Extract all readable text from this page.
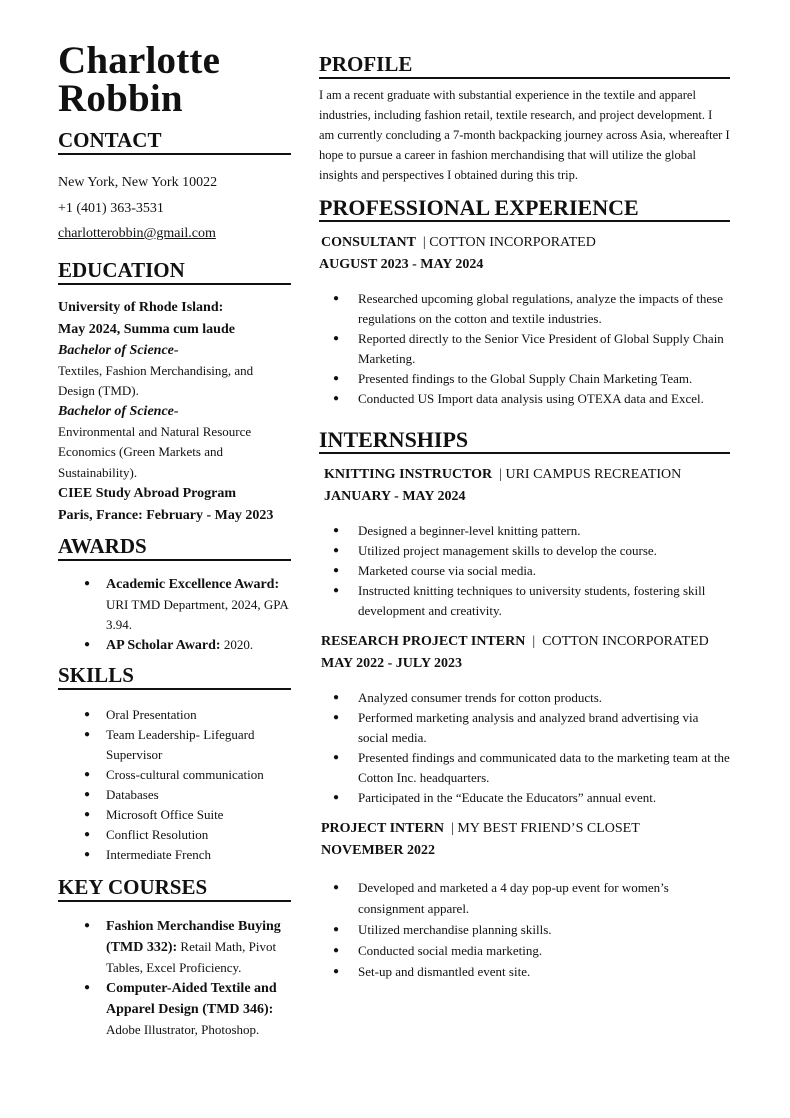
Charlotte
Robbin
CONTACT
New York, New York 10022
+1 (401) 363-3531
charlotterobbin@gmail.com
EDUCATION

University of Rhode Island:

May 2024, Summa cum laude

Bachelor of Science-

Textiles, Fashion Merchandising, and Design (TMD).

Bachelor of Science-

Environmental and Natural Resource Economics (Green Markets and Sustainability).

CIEE Study Abroad Program

Paris, France: February - May 2023

AWARDS
● Academic Excellence Award: URI TMD Department, 2024, GPA 3.94.
● AP Scholar Award: 2020.
SKILLS
● Oral Presentation
● Team Leadership- Lifeguard Supervisor
● Cross-cultural communication
● Databases
● Microsoft Office Suite
● Conflict Resolution
● Intermediate French
KEY COURSES
● Fashion Merchandise Buying (TMD 332): Retail Math, Pivot Tables, Excel Proficiency.
● Computer-Aided Textile and Apparel Design (TMD 346): Adobe Illustrator, Photoshop.
PROFILE

I am a recent graduate with substantial experience in the textile and apparel industries, including fashion retail, textile research, and project development. I am currently concluding a 7-month backpacking journey across Asia, whereafter I hope to pursue a career in fashion merchandising that will utilize the global insights and perspectives I obtained during this trip.

PROFESSIONAL EXPERIENCE
CONSULTANT  | COTTON INCORPORATED
AUGUST 2023 - MAY 2024
● Researched upcoming global regulations, analyze the impacts of these regulations on the cotton and textile industries.
● Reported directly to the Senior Vice President of Global Supply Chain Marketing.
● Presented findings to the Global Supply Chain Marketing Team.
● Conducted US Import data analysis using OTEXA data and Excel.
INTERNSHIPS
KNITTING INSTRUCTOR  | URI CAMPUS RECREATION
JANUARY - MAY 2024
● Designed a beginner-level knitting pattern.
● Utilized project management skills to develop the course.
● Marketed course via social media.
● Instructed knitting techniques to university students, fostering skill development and creativity.
RESEARCH PROJECT INTERN  |  COTTON INCORPORATED
MAY 2022 - JULY 2023
● Analyzed consumer trends for cotton products.
● Performed marketing analysis and analyzed brand advertising via social media.
● Presented findings and communicated data to the marketing team at the Cotton Inc. headquarters.
● Participated in the “Educate the Educators” annual event.
PROJECT INTERN  | MY BEST FRIEND’S CLOSET
NOVEMBER 2022
● Developed and marketed a 4 day pop-up event for women’s consignment apparel.
● Utilized merchandise planning skills.
● Conducted social media marketing.
● Set-up and dismantled event site.
